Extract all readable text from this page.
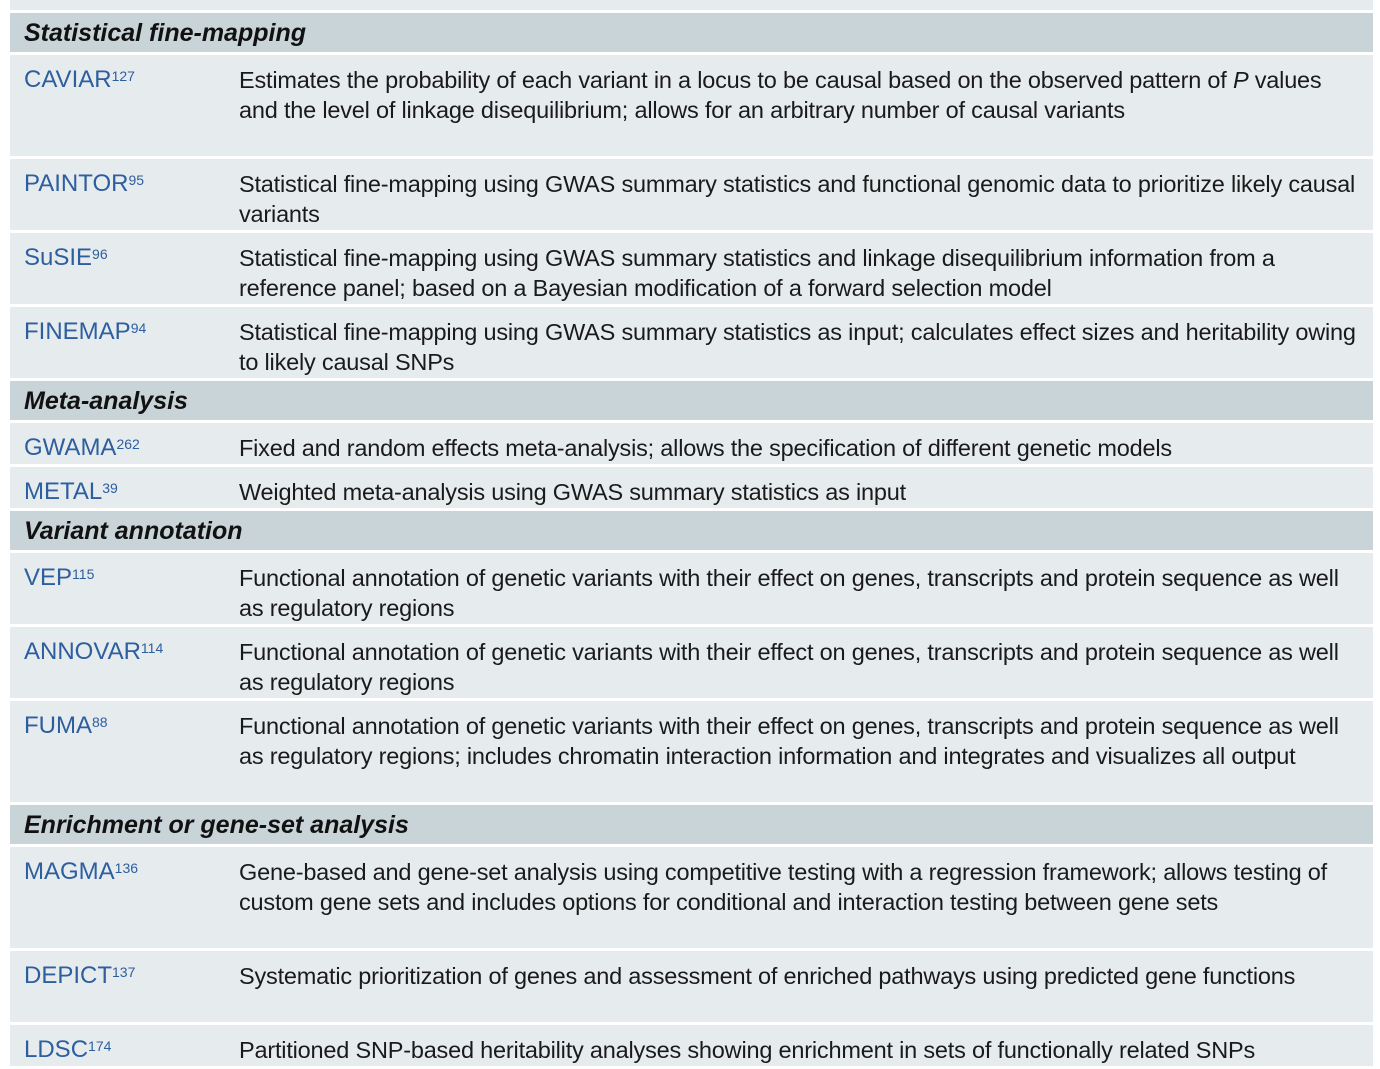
Statistical fine-mapping
CAVIAR$^{127}$	Estimates the probability of each variant in a locus to be causal based on the observed pattern of P values and the level of linkage disequilibrium; allows for an arbitrary number of causal variants
PAINTOR$^{95}$	Statistical fine-mapping using GWAS summary statistics and functional genomic data to prioritize likely causal variants
SuSIE$^{96}$	Statistical fine-mapping using GWAS summary statistics and linkage disequilibrium information from a reference panel; based on a Bayesian modification of a forward selection model
FINEMAP$^{94}$	Statistical fine-mapping using GWAS summary statistics as input; calculates effect sizes and heritability owing to likely causal SNPs
Meta-analysis
GWAMA$^{262}$	Fixed and random effects meta-analysis; allows the specification of different genetic models
METAL$^{39}$	Weighted meta-analysis using GWAS summary statistics as input
Variant annotation
VEP$^{115}$	Functional annotation of genetic variants with their effect on genes, transcripts and protein sequence as well as regulatory regions
ANNOVAR$^{114}$	Functional annotation of genetic variants with their effect on genes, transcripts and protein sequence as well as regulatory regions
FUMA$^{88}$	Functional annotation of genetic variants with their effect on genes, transcripts and protein sequence as well as regulatory regions; includes chromatin interaction information and integrates and visualizes all output
Enrichment or gene-set analysis
MAGMA$^{136}$	Gene-based and gene-set analysis using competitive testing with a regression framework; allows testing of custom gene sets and includes options for conditional and interaction testing between gene sets
DEPICT$^{137}$	Systematic prioritization of genes and assessment of enriched pathways using predicted gene functions
LDSC$^{174}$	Partitioned SNP-based heritability analyses showing enrichment in sets of functionally related SNPs
